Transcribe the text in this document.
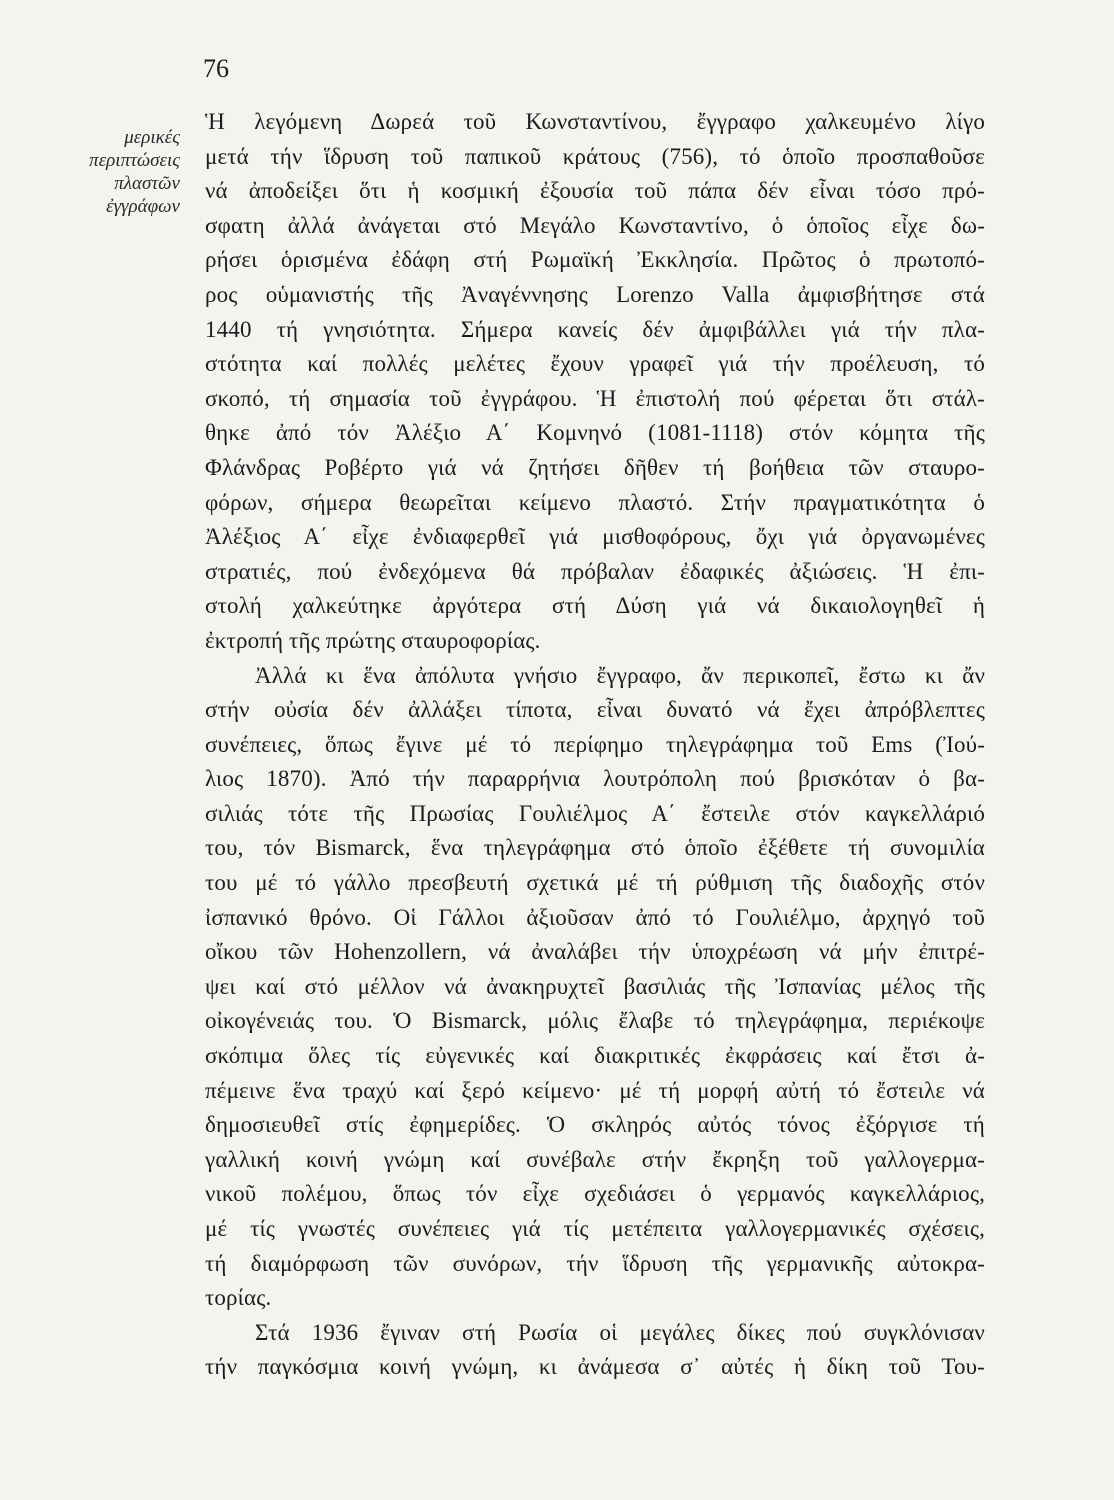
76
μερικές
περιπτώσεις
πλαστῶν
ἐγγράφων
Ἡ λεγόμενη Δωρεά τοῦ Κωνσταντίνου, ἔγγραφο χαλκευμένο λίγο
μετά τήν ἵδρυση τοῦ παπικοῦ κράτους (756), τό ὁποῖο προσπαθοῦσε
νά ἀποδείξει ὅτι ἡ κοσμική ἐξουσία τοῦ πάπα δέν εἶναι τόσο πρό-
σφατη ἀλλά ἀνάγεται στό Μεγάλο Κωνσταντίνο, ὁ ὁποῖος εἶχε δω-
ρήσει ὁρισμένα ἐδάφη στή Ρωμαϊκή Ἐκκλησία. Πρῶτος ὁ πρωτοπό-
ρος οὑμανιστής τῆς Ἀναγέννησης Lorenzo Valla ἀμφισβήτησε στά
1440 τή γνησιότητα. Σήμερα κανείς δέν ἀμφιβάλλει γιά τήν πλα-
στότητα καί πολλές μελέτες ἔχουν γραφεῖ γιά τήν προέλευση, τό
σκοπό, τή σημασία τοῦ ἐγγράφου. Ἡ ἐπιστολή πού φέρεται ὅτι στάλ-
θηκε ἀπό τόν Ἀλέξιο Α΄ Κομνηνό (1081-1118) στόν κόμητα τῆς
Φλάνδρας Ροβέρτο γιά νά ζητήσει δῆθεν τή βοήθεια τῶν σταυρο-
φόρων, σήμερα θεωρεῖται κείμενο πλαστό. Στήν πραγματικότητα ὁ
Ἀλέξιος Α΄ εἶχε ἐνδιαφερθεῖ γιά μισθοφόρους, ὄχι γιά ὀργανωμένες
στρατιές, πού ἐνδεχόμενα θά πρόβαλαν ἐδαφικές ἀξιώσεις. Ἡ ἐπι-
στολή χαλκεύτηκε ἀργότερα στή Δύση γιά νά δικαιολογηθεῖ ἡ
ἐκτροπή τῆς πρώτης σταυροφορίας.
Ἀλλά κι ἕνα ἀπόλυτα γνήσιο ἔγγραφο, ἄν περικοπεῖ, ἔστω κι ἄν
στήν οὐσία δέν ἀλλάξει τίποτα, εἶναι δυνατό νά ἔχει ἀπρόβλεπτες
συνέπειες, ὅπως ἔγινε μέ τό περίφημο τηλεγράφημα τοῦ Ems (Ἰού-
λιος 1870). Ἀπό τήν παραρρήνια λουτρόπολη πού βρισκόταν ὁ βα-
σιλιάς τότε τῆς Πρωσίας Γουλιέλμος Α΄ ἔστειλε στόν καγκελλάριό
του, τόν Bismarck, ἕνα τηλεγράφημα στό ὁποῖο ἐξέθετε τή συνομιλία
του μέ τό γάλλο πρεσβευτή σχετικά μέ τή ρύθμιση τῆς διαδοχῆς στόν
ἰσπανικό θρόνο. Οἱ Γάλλοι ἀξιοῦσαν ἀπό τό Γουλιέλμο, ἀρχηγό τοῦ
οἴκου τῶν Hohenzollern, νά ἀναλάβει τήν ὑποχρέωση νά μήν ἐπιτρέ-
ψει καί στό μέλλον νά ἀνακηρυχτεῖ βασιλιάς τῆς Ἰσπανίας μέλος τῆς
οἰκογένειάς του. Ὁ Bismarck, μόλις ἔλαβε τό τηλεγράφημα, περιέκοψε
σκόπιμα ὅλες τίς εὐγενικές καί διακριτικές ἐκφράσεις καί ἔτσι ἀ-
πέμεινε ἕνα τραχύ καί ξερό κείμενο· μέ τή μορφή αὐτή τό ἔστειλε νά
δημοσιευθεῖ στίς ἐφημερίδες. Ὁ σκληρός αὐτός τόνος ἐξόργισε τή
γαλλική κοινή γνώμη καί συνέβαλε στήν ἔκρηξη τοῦ γαλλογερμα-
νικοῦ πολέμου, ὅπως τόν εἶχε σχεδιάσει ὁ γερμανός καγκελλάριος,
μέ τίς γνωστές συνέπειες γιά τίς μετέπειτα γαλλογερμανικές σχέσεις,
τή διαμόρφωση τῶν συνόρων, τήν ἵδρυση τῆς γερμανικῆς αὐτοκρα-
τορίας.
Στά 1936 ἔγιναν στή Ρωσία οἱ μεγάλες δίκες πού συγκλόνισαν
τήν παγκόσμια κοινή γνώμη, κι ἀνάμεσα σ᾽ αὐτές ἡ δίκη τοῦ Του-
